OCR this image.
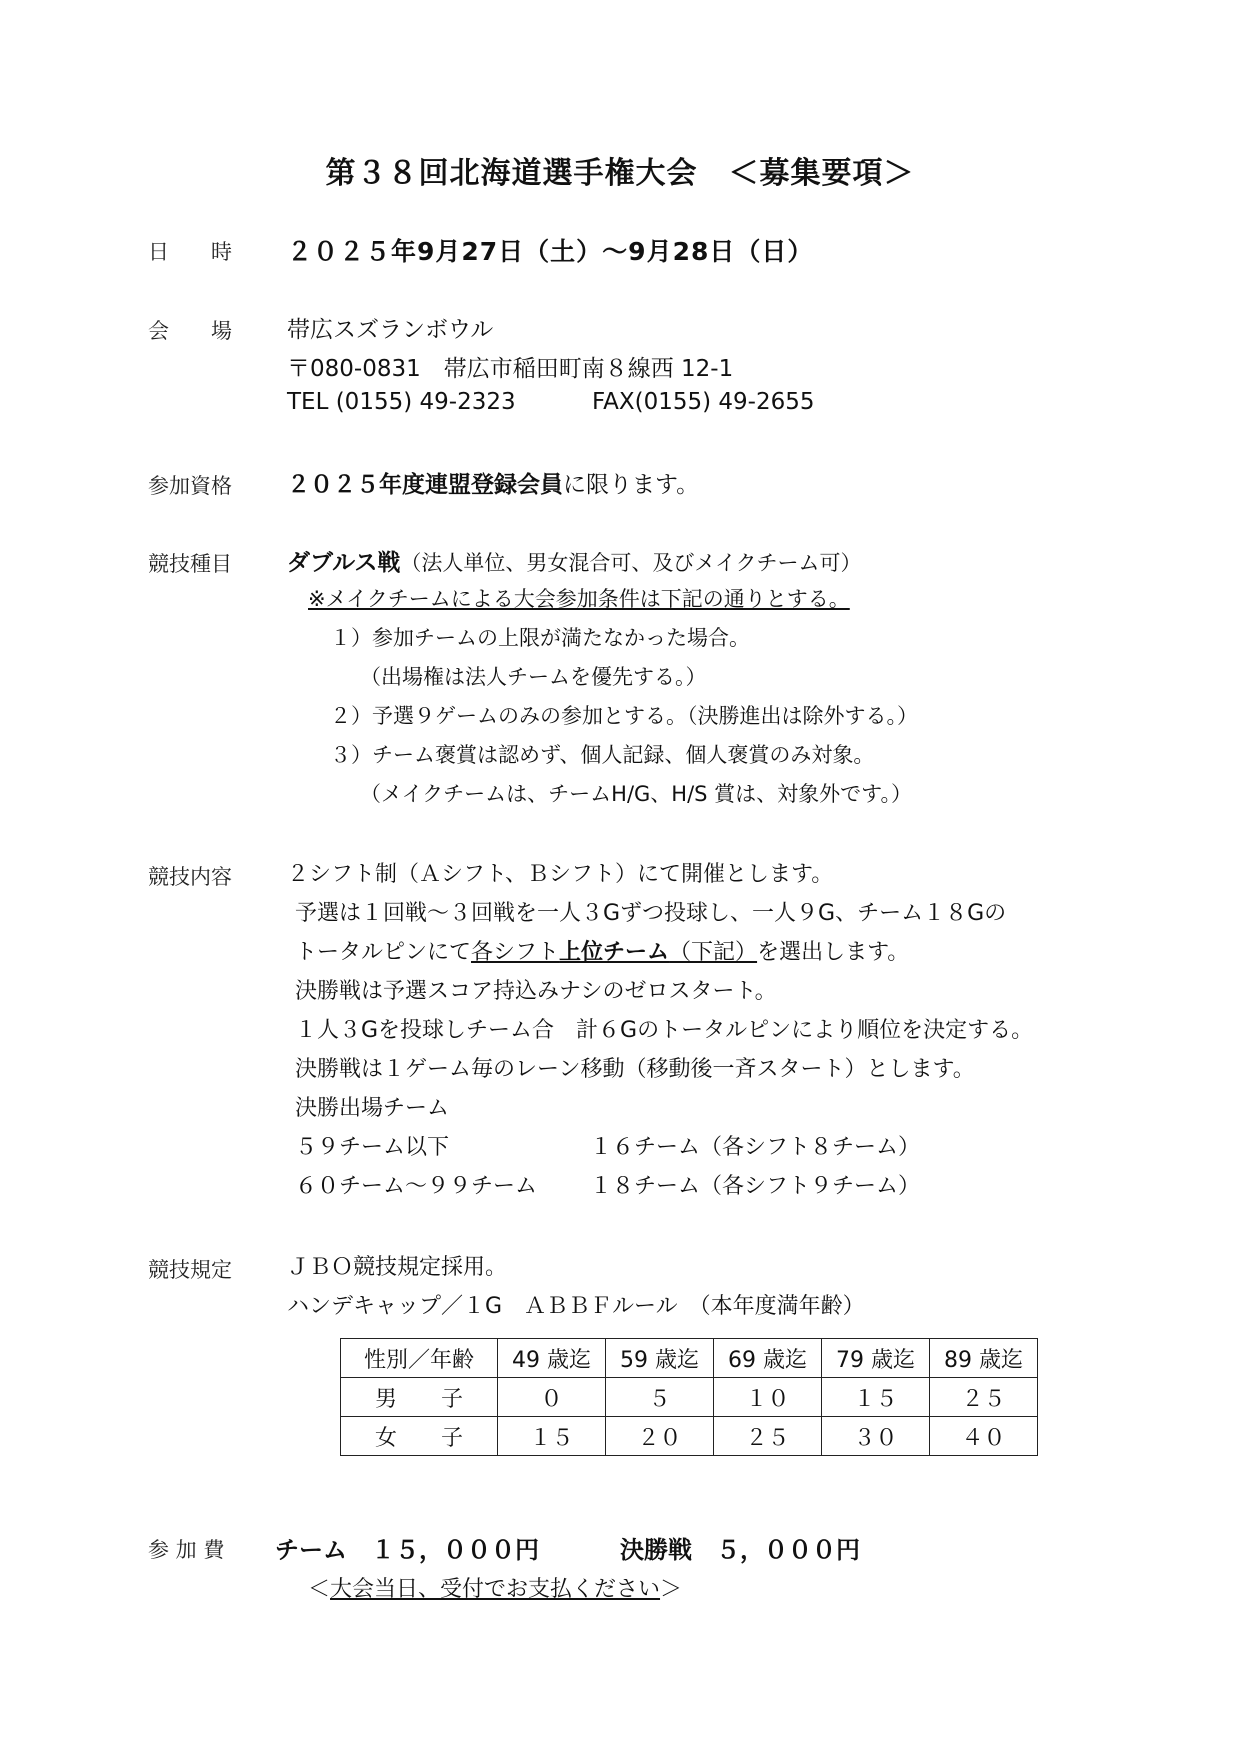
第３８回北海道選手権大会　＜募集要項＞
日　　時 ２０２５年9月27日（土）～9月28日（日）
会　　場 帯広スズランボウル
〒080-0831　帯広市稲田町南８線西 12-1
TEL (0155) 49-2323	FAX(0155) 49-2655
参加資格 ２０２５年度連盟登録会員に限ります。
競技種目 ダブルス戦（法人単位、男女混合可、及びメイクチーム可）
※メイクチームによる大会参加条件は下記の通りとする。
１）参加チームの上限が満たなかった場合。
（出場権は法人チームを優先する。）
２）予選９ゲームのみの参加とする。（決勝進出は除外する。）
３）チーム褒賞は認めず、個人記録、個人褒賞のみ対象。
（メイクチームは、チームH/G、H/S 賞は、対象外です。）
競技内容	２シフト制（Ａシフト、Ｂシフト）にて開催とします。
予選は１回戦～３回戦を一人３Gずつ投球し、一人９G、チーム１８Gの
トータルピンにて各シフト上位チーム（下記）を選出します。
決勝戦は予選スコア持込みナシのゼロスタート。
１人３Gを投球しチーム合　計６Gのトータルピンにより順位を決定する。
決勝戦は１ゲーム毎のレーン移動（移動後一斉スタート）とします。
決勝出場チーム
５９チーム以下	１６チーム（各シフト８チーム）
６０チーム～９９チーム １８チーム（各シフト９チーム）
競技規定	ＪＢＯ競技規定採用。
ハンデキャップ／１G　ＡＢＢＦルール　（本年度満年齢）
性別／年齢	49 歳迄	59 歳迄	69 歳迄	79 歳迄	89 歳迄
男　　子	０	５	１０	１５	２５
女　　子	１５	２０	２５	３０	４０
参 加 費 チーム　１５，０００円	決勝戦　５，０００円
＜大会当日、受付でお支払ください＞
